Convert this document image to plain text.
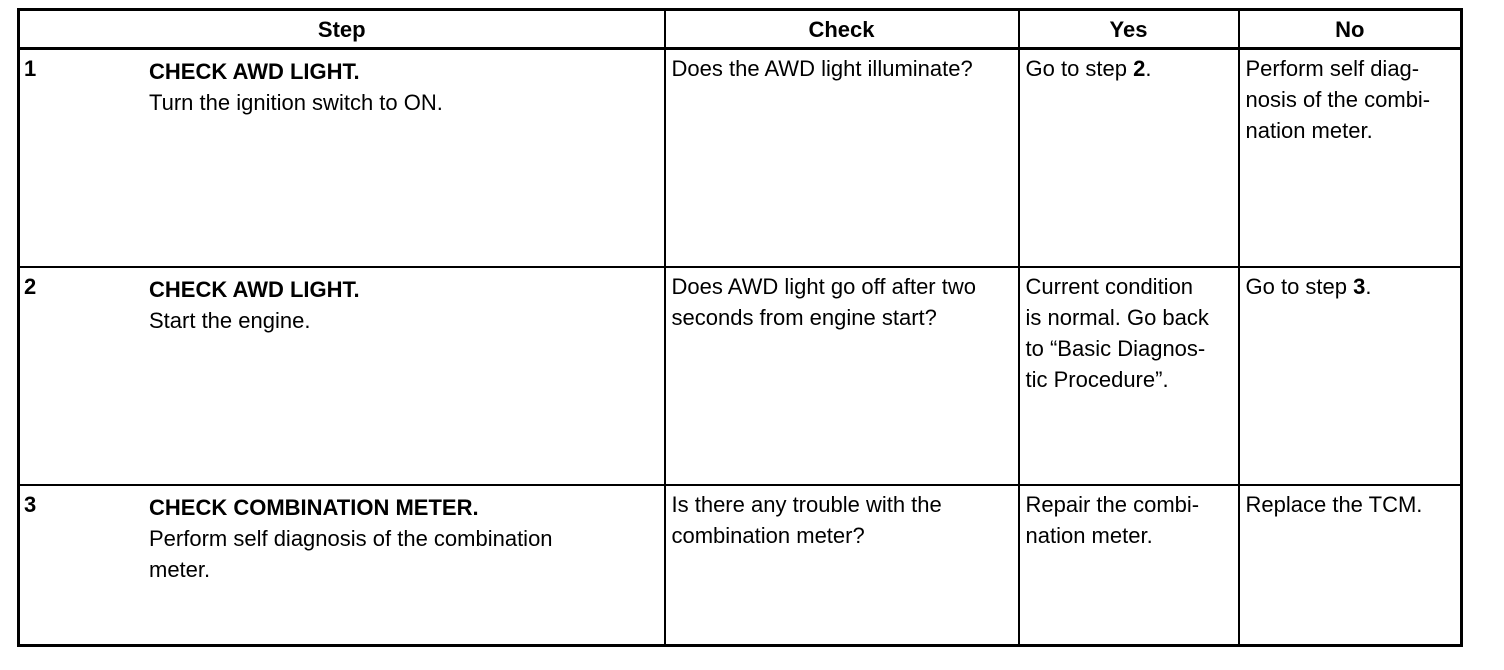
Step	Check	Yes	No

1 CHECK AWD LIGHT.
Turn the ignition switch to ON.	Does the AWD light illuminate?	Go to step 2.	Perform self diag-
nosis of the combi-
nation meter.

2 CHECK AWD LIGHT.
Start the engine.	Does AWD light go off after two
seconds from engine start?	Current condition
is normal. Go back
to “Basic Diagnos-
tic Procedure”.	Go to step 3.

3 CHECK COMBINATION METER.
Perform self diagnosis of the combination
meter.	Is there any trouble with the
combination meter?	Repair the combi-
nation meter.	Replace the TCM.
